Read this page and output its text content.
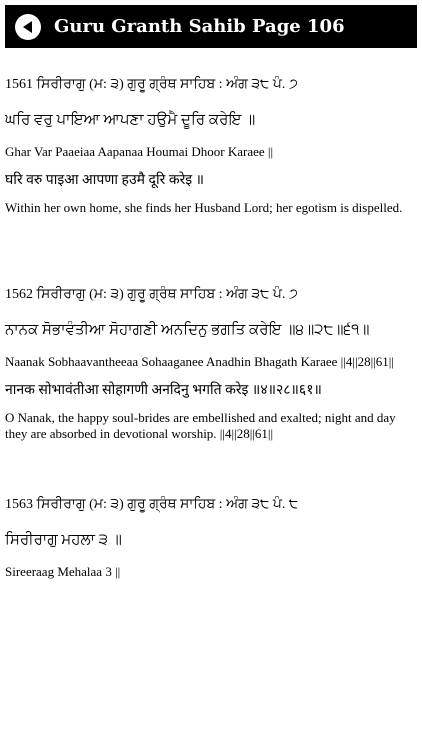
Guru Granth Sahib Page 106
1561 ਸਿਰੀਰਾਗੁ (ਮ: ੩) ਗੁਰੂ ਗ੍ਰੰਥ ਸਾਹਿਬ : ਅੰਗ ੩੮ ਪੰ. ੭
ਘਰਿ ਵਰੁ ਪਾਇਆ ਆਪਣਾ ਹਉਮੈ ਦੂਰਿ ਕਰੇਇ ॥
Ghar Var Paaeiaa Aapanaa Houmai Dhoor Karaee ||
घरि वरु पाइआ आपणा हउमै दूरि करेइ ॥
Within her own home, she finds her Husband Lord; her egotism is dispelled.
1562 ਸਿਰੀਰਾਗੁ (ਮ: ੩) ਗੁਰੂ ਗ੍ਰੰਥ ਸਾਹਿਬ : ਅੰਗ ੩੮ ਪੰ. ੭
ਨਾਨਕ ਸੋਭਾਵੰਤੀਆ ਸੋਹਾਗਣੀ ਅਨਦਿਨੁ ਭਗਤਿ ਕਰੇਇ ॥੪॥੨੮॥੬੧॥
Naanak Sobhaavantheeaa Sohaaganee Anadhin Bhagath Karaee ||4||28||61||
नानक सोभावंतीआ सोहागणी अनदिनु भगति करेइ ॥४॥२८॥६१॥
O Nanak, the happy soul-brides are embellished and exalted; night and day they are absorbed in devotional worship. ||4||28||61||
1563 ਸਿਰੀਰਾਗੁ (ਮ: ੩) ਗੁਰੂ ਗ੍ਰੰਥ ਸਾਹਿਬ : ਅੰਗ ੩੮ ਪੰ. ੮
ਸਿਰੀਰਾਗੁ ਮਹਲਾ ੩ ॥
Sireeraag Mehalaa 3 ||
